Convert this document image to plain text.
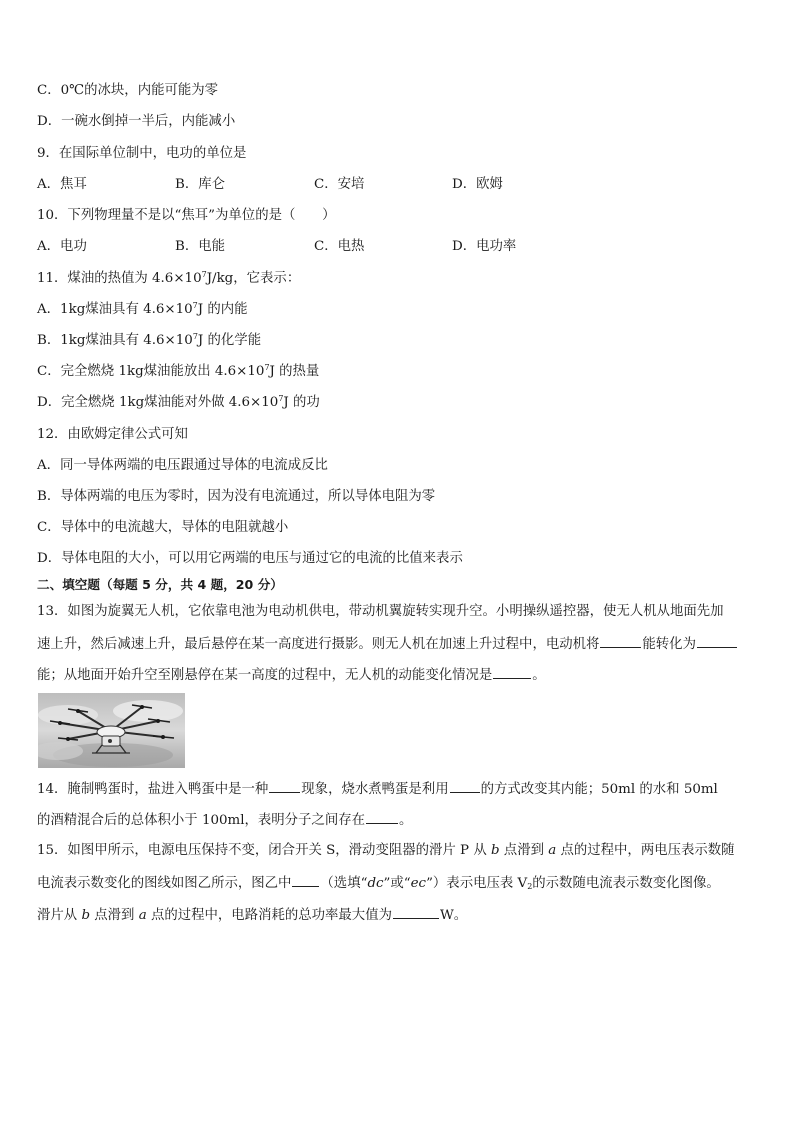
C．0℃的冰块，内能可能为零
D．一碗水倒掉一半后，内能减小
9．在国际单位制中，电功的单位是
A．焦耳	B．库仑	C．安培	D．欧姆
10．下列物理量不是以“焦耳”为单位的是（　　）
A．电功	B．电能	C．电热	D．电功率
11．煤油的热值为 $4.6\times 10^7J/kg$，它表示：
A．1kg煤油具有 $4.6\times 10^7J$ 的内能
B．1kg煤油具有 $4.6\times 10^7J$ 的化学能
C．完全燃烧 1kg煤油能放出 $4.6\times 10^7J$ 的热量
D．完全燃烧 1kg煤油能对外做 $4.6\times 10^7J$ 的功
12．由欧姆定律公式可知
A．同一导体两端的电压跟通过导体的电流成反比
B．导体两端的电压为零时，因为没有电流通过，所以导体电阻为零
C．导体中的电流越大，导体的电阻就越小
D．导体电阻的大小，可以用它两端的电压与通过它的电流的比值来表示
二、填空题（每题 5 分，共 4 题，20 分）
13．如图为旋翼无人机，它依靠电池为电动机供电，带动机翼旋转实现升空。小明操纵遥控器，使无人机从地面先加
速上升，然后减速上升，最后悬停在某一高度进行摄影。则无人机在加速上升过程中，电动机将	能转化为
能；从地面开始升空至刚悬停在某一高度的过程中，无人机的动能变化情况是	。
14．腌制鸭蛋时，盐进入鸭蛋中是一种 现象，烧水煮鸭蛋是利用 的方式改变其内能；50ml 的水和 50ml
的酒精混合后的总体积小于 100ml，表明分子之间存在	。
15．如图甲所示，电源电压保持不变，闭合开关 S，滑动变阻器的滑片 P 从 b 点滑到 a 点的过程中，两电压表示数随
电流表示数变化的图线如图乙所示，图乙中 （选填“dc”或“ec”）表示电压表 $V_2$的示数随电流表示数变化图像。
滑片从 b 点滑到 a 点的过程中，电路消耗的总功率最大值为	W。
